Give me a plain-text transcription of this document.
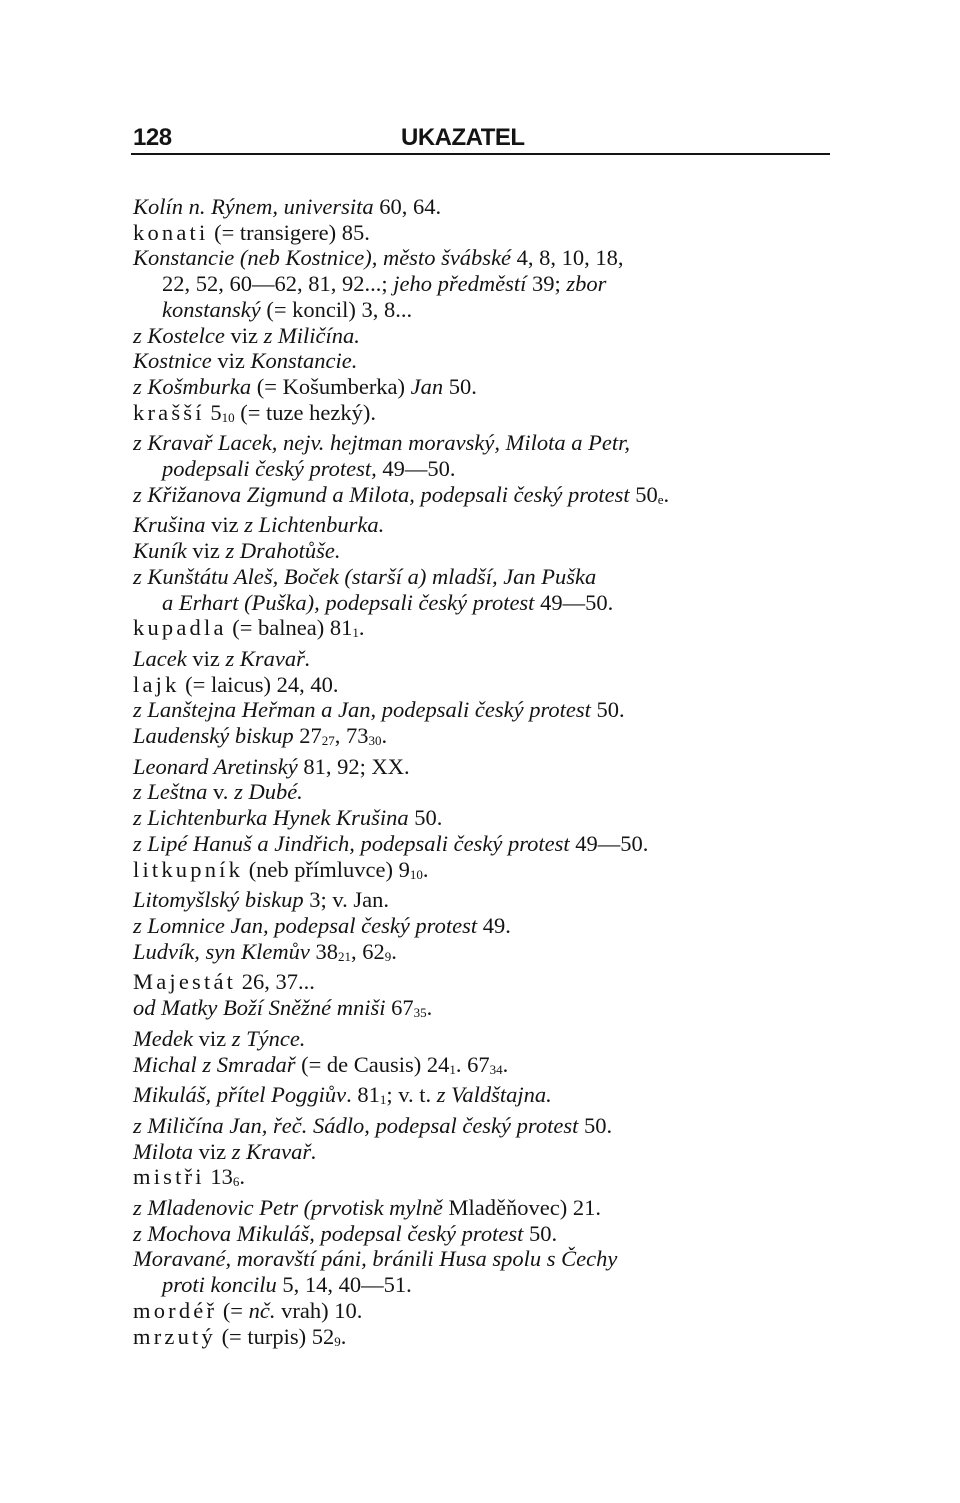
128	UKAZATEL
Kolín n. Rýnem, universita 60, 64.
konati (= transigere) 85.
Konstancie (neb Kostnice), město švábské 4, 8, 10, 18,
22, 52, 60—62, 81, 92...; jeho předměstí 39; zbor
konstanský (= koncil) 3, 8...
z Kostelce viz z Miličína.
Kostnice viz Konstancie.
z Košmburka (= Košumberka) Jan 50.
krašší 510 (= tuze hezký).
z Kravař Lacek, nejv. hejtman moravský, Milota a Petr,
podepsali český protest, 49—50.
z Křižanova Zigmund a Milota, podepsali český protest 50e.
Krušina viz z Lichtenburka.
Kuník viz z Drahotůše.
z Kunštátu Aleš, Boček (starší a) mladší, Jan Puška
a Erhart (Puška), podepsali český protest 49—50.
kupadla (= balnea) 811.
Lacek viz z Kravař.
lajk (= laicus) 24, 40.
z Lanštejna Heřman a Jan, podepsali český protest 50.
Laudenský biskup 2727, 7330.
Leonard Aretinský 81, 92; XX.
z Leštna v. z Dubé.
z Lichtenburka Hynek Krušina 50.
z Lipé Hanuš a Jindřich, podepsali český protest 49—50.
litkupník (neb přímluvce) 910.
Litomyšlský biskup 3; v. Jan.
z Lomnice Jan, podepsal český protest 49.
Ludvík, syn Klemův 3821, 629.
Majestát 26, 37...
od Matky Boží Sněžné mniši 6735.
Medek viz z Týnce.
Michal z Smradař (= de Causis) 241. 6734.
Mikuláš, přítel Poggiův. 811; v. t. z Valdštajna.
z Miličína Jan, řeč. Sádlo, podepsal český protest 50.
Milota viz z Kravař.
mistři 136.
z Mladenovic Petr (prvotisk mylně Mladěňovec) 21.
z Mochova Mikuláš, podepsal český protest 50.
Moravané, moravští páni, bránili Husa spolu s Čechy
proti koncilu 5, 14, 40—51.
mordéř (= nč. vrah) 10.
mrzutý (= turpis) 529.
